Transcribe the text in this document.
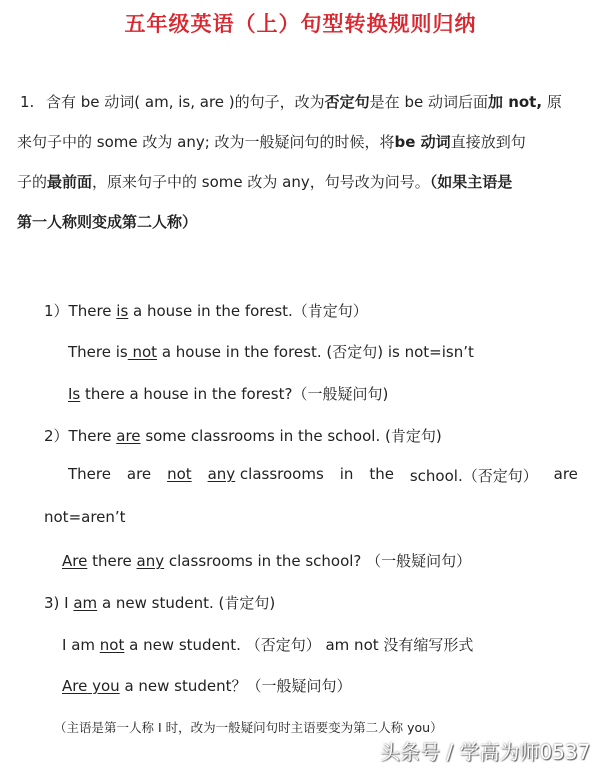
五年级英语（上）句型转换规则归纳
1. 含有 be 动词( am, is, are )的句子，改为否定句是在 be 动词后面加 not, 原
来句子中的 some 改为 any; 改为一般疑问句的时候，将be 动词直接放到句
子的最前面，原来句子中的 some 改为 any，句号改为问号。（如果主语是
第一人称则变成第二人称）
1）There is a house in the forest.（肯定句）
There is not a house in the forest. (否定句) is not=isn’t
Is there a house in the forest?（一般疑问句)
2）There are some classrooms in the school. (肯定句)
There are not any classrooms in the school.（否定句） are
not=aren’t
Are there any classrooms in the school? （一般疑问句）
3) I am a new student. (肯定句)
I am not a new student. （否定句） am not 没有缩写形式
Are you a new student？（一般疑问句）
（主语是第一人称 I 时，改为一般疑问句时主语要变为第二人称 you）
头条号 / 学高为师0537
